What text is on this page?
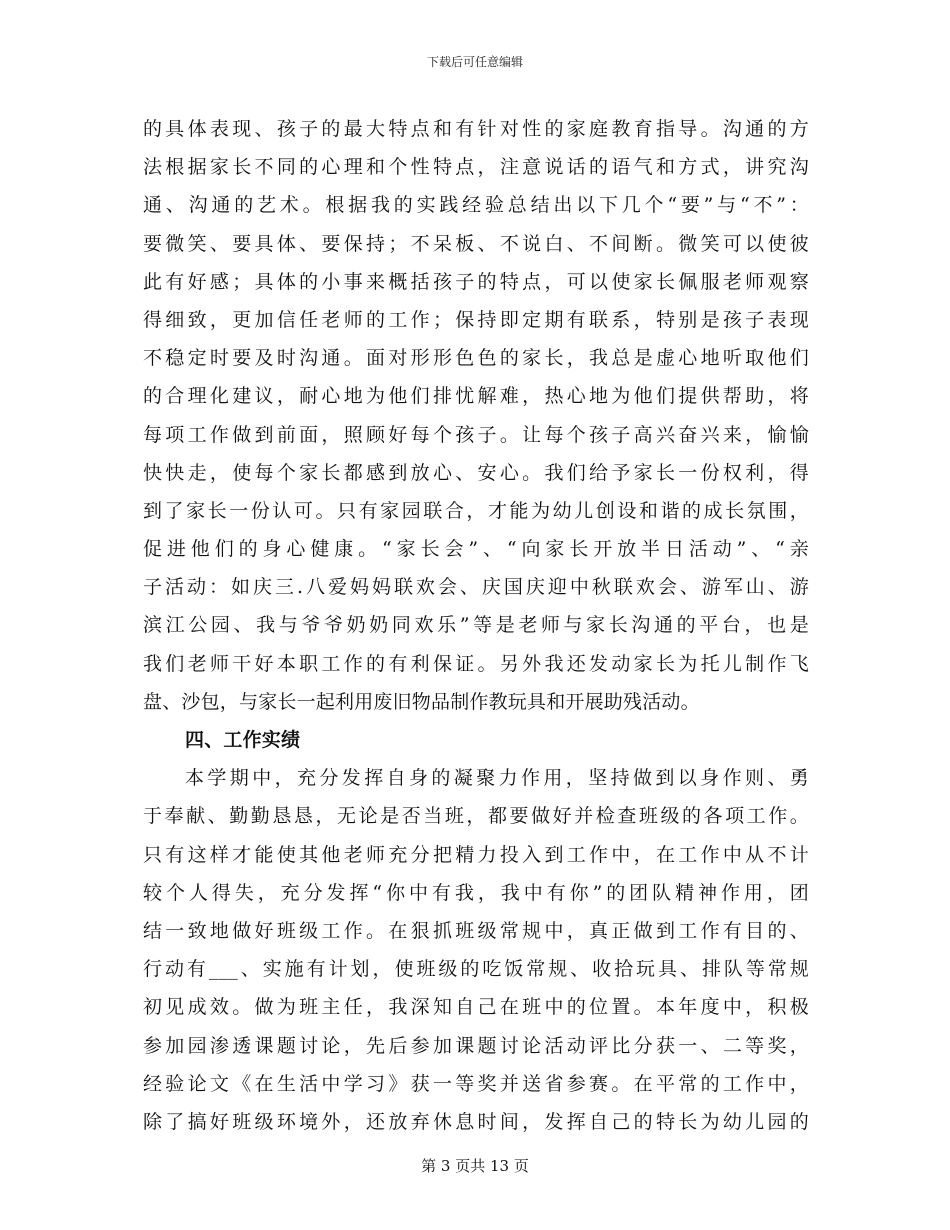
下载后可任意编辑
的具体表现、孩子的最大特点和有针对性的家庭教育指导。沟通的方
法根据家长不同的心理和个性特点，注意说话的语气和方式，讲究沟
通、沟通的艺术。根据我的实践经验总结出以下几个“要”与“不”：
要微笑、要具体、要保持；不呆板、不说白、不间断。微笑可以使彼
此有好感；具体的小事来概括孩子的特点，可以使家长佩服老师观察
得细致，更加信任老师的工作；保持即定期有联系，特别是孩子表现
不稳定时要及时沟通。面对形形色色的家长，我总是虚心地听取他们
的合理化建议，耐心地为他们排忧解难，热心地为他们提供帮助，将
每项工作做到前面，照顾好每个孩子。让每个孩子高兴奋兴来，愉愉
快快走，使每个家长都感到放心、安心。我们给予家长一份权利，得
到了家长一份认可。只有家园联合，才能为幼儿创设和谐的成长氛围，
促进他们的身心健康。“家长会”、“向家长开放半日活动”、“亲
子活动：如庆三.八爱妈妈联欢会、庆国庆迎中秋联欢会、游军山、游
滨江公园、我与爷爷奶奶同欢乐”等是老师与家长沟通的平台，也是
我们老师干好本职工作的有利保证。另外我还发动家长为托儿制作飞
盘、沙包，与家长一起利用废旧物品制作教玩具和开展助残活动。
四、工作实绩
本学期中，充分发挥自身的凝聚力作用，坚持做到以身作则、勇
于奉献、勤勤恳恳，无论是否当班，都要做好并检查班级的各项工作。
只有这样才能使其他老师充分把精力投入到工作中，在工作中从不计
较个人得失，充分发挥“你中有我，我中有你”的团队精神作用，团
结一致地做好班级工作。在狠抓班级常规中，真正做到工作有目的、
行动有___、实施有计划，使班级的吃饭常规、收拾玩具、排队等常规
初见成效。做为班主任，我深知自己在班中的位置。本年度中，积极
参加园渗透课题讨论，先后参加课题讨论活动评比分获一、二等奖，
经验论文《在生活中学习》获一等奖并送省参赛。在平常的工作中，
除了搞好班级环境外，还放弃休息时间，发挥自己的特长为幼儿园的
第 3 页共 13 页
